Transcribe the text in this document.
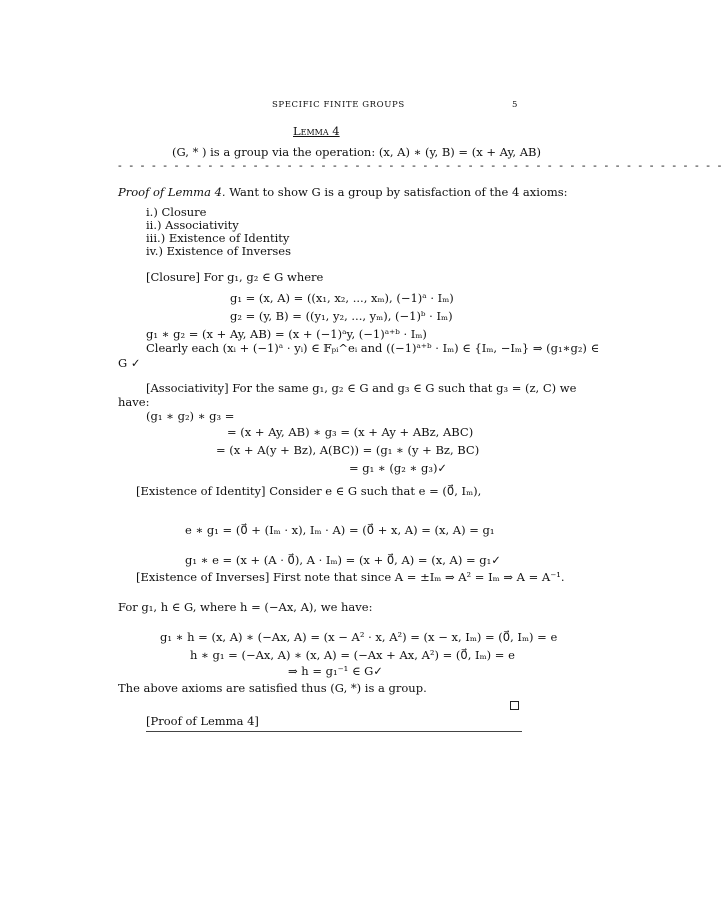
SPECIFIC FINITE GROUPS	5
Lemma 4
(G, * ) is a group via the operation: (x, A) ∗ (y, B) = (x + Ay, AB)
- - - - - - - - - - - - - - - - - - - - - - - - - - - - - - - - - - - - - - - - - - - - - - - - - - - - - -
Proof of Lemma 4. Want to show G is a group by satisfaction of the 4 axioms:
i.) Closure
ii.) Associativity
iii.) Existence of Identity
iv.) Existence of Inverses
[Closure] For g₁, g₂ ∈ G where
g₁ = (x, A) = ((x₁, x₂, ..., xₘ), (−1)ᵃ · Iₘ)
g₂ = (y, B) = ((y₁, y₂, ..., yₘ), (−1)ᵇ · Iₘ)
g₁ ∗ g₂ = (x + Ay, AB) = (x + (−1)ᵃy, (−1)ᵃ⁺ᵇ · Iₘ)
Clearly each (xᵢ + (−1)ᵃ · yᵢ) ∈ 𝔽ₚᵢ^eᵢ and ((−1)ᵃ⁺ᵇ · Iₘ) ∈ {Iₘ, −Iₘ} ⇒ (g₁∗g₂) ∈
G ✓
[Associativity] For the same g₁, g₂ ∈ G and g₃ ∈ G such that g₃ = (z, C) we
have:
(g₁ ∗ g₂) ∗ g₃ =
= (x + Ay, AB) ∗ g₃ = (x + Ay + ABz, ABC)
= (x + A(y + Bz), A(BC)) = (g₁ ∗ (y + Bz, BC)
= g₁ ∗ (g₂ ∗ g₃)✓
[Existence of Identity] Consider e ∈ G such that e = (0⃗, Iₘ),
e ∗ g₁ = (0⃗ + (Iₘ · x), Iₘ · A) = (0⃗ + x, A) = (x, A) = g₁
g₁ ∗ e = (x + (A · 0⃗), A · Iₘ) = (x + 0⃗, A) = (x, A) = g₁✓
[Existence of Inverses] First note that since A = ±Iₘ ⇒ A² = Iₘ ⇒ A = A⁻¹.
For g₁, h ∈ G, where h = (−Ax, A), we have:
g₁ ∗ h = (x, A) ∗ (−Ax, A) = (x − A² · x, A²) = (x − x, Iₘ) = (0⃗, Iₘ) = e
h ∗ g₁ = (−Ax, A) ∗ (x, A) = (−Ax + Ax, A²) = (0⃗, Iₘ) = e
⇒ h = g₁⁻¹ ∈ G✓
The above axioms are satisfied thus (G, *) is a group.
[Proof of Lemma 4]
